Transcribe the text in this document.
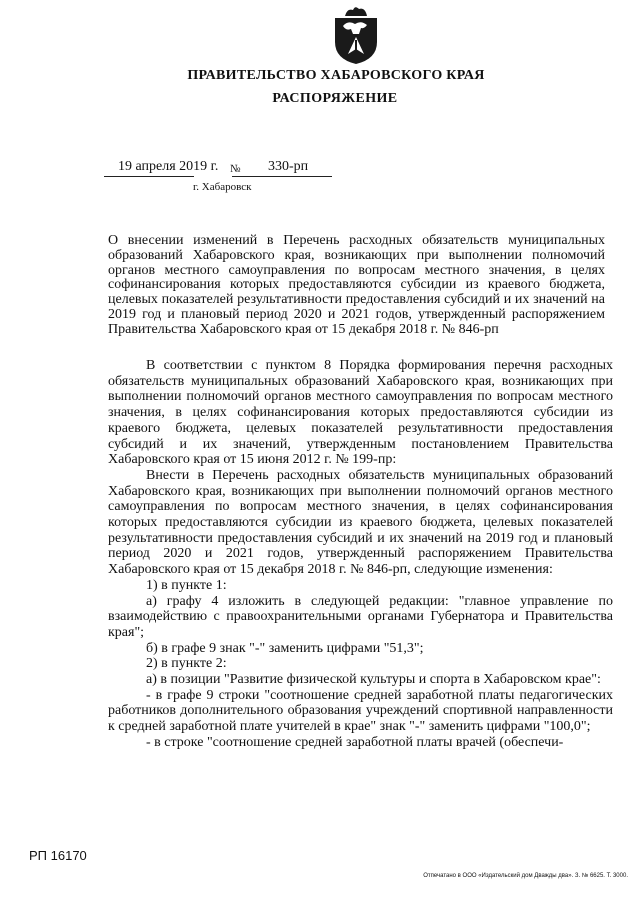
ПРАВИТЕЛЬСТВО ХАБАРОВСКОГО КРАЯ
РАСПОРЯЖЕНИЕ
19 апреля 2019 г. № 330-рп
г. Хабаровск
О внесении изменений в Перечень расходных обязательств муниципальных образований Хабаровского края, возникающих при выполнении полномочий органов местного самоуправления по вопросам местного значения, в целях софинансирования которых предоставляются субсидии из краевого бюджета, целевых показателей результативности предоставления субсидий и их значений на 2019 год и плановый период 2020 и 2021 годов, утвержденный распоряжением Правительства Хабаровского края от 15 декабря 2018 г. № 846-рп

В соответствии с пунктом 8 Порядка формирования перечня расходных обязательств муниципальных образований Хабаровского края, возникающих при выполнении полномочий органов местного самоуправления по вопросам местного значения, в целях софинансирования которых предоставляются субсидии из краевого бюджета, целевых показателей результативности предоставления субсидий и их значений, утвержденным постановлением Правительства Хабаровского края от 15 июня 2012 г. № 199-пр:

Внести в Перечень расходных обязательств муниципальных образований Хабаровского края, возникающих при выполнении полномочий органов местного самоуправления по вопросам местного значения, в целях софинансирования которых предоставляются субсидии из краевого бюджета, целевых показателей результативности предоставления субсидий и их значений на 2019 год и плановый период 2020 и 2021 годов, утвержденный распоряжением Правительства Хабаровского края от 15 декабря 2018 г. № 846-рп, следующие изменения:

1) в пункте 1:

а) графу 4 изложить в следующей редакции: "главное управление по взаимодействию с правоохранительными органами Губернатора и Правительства края";

б) в графе 9 знак "-" заменить цифрами "51,3";

2) в пункте 2:

а) в позиции "Развитие физической культуры и спорта в Хабаровском крае":

- в графе 9 строки "соотношение средней заработной платы педагогических работников дополнительного образования учреждений спортивной направленности к средней заработной плате учителей в крае" знак "-" заменить цифрами "100,0";

- в строке "соотношение средней заработной платы врачей (обеспечи-

РП 16170
Отпечатано в ООО «Издательский дом Дважды два». З. № 6625. Т. 3000.
